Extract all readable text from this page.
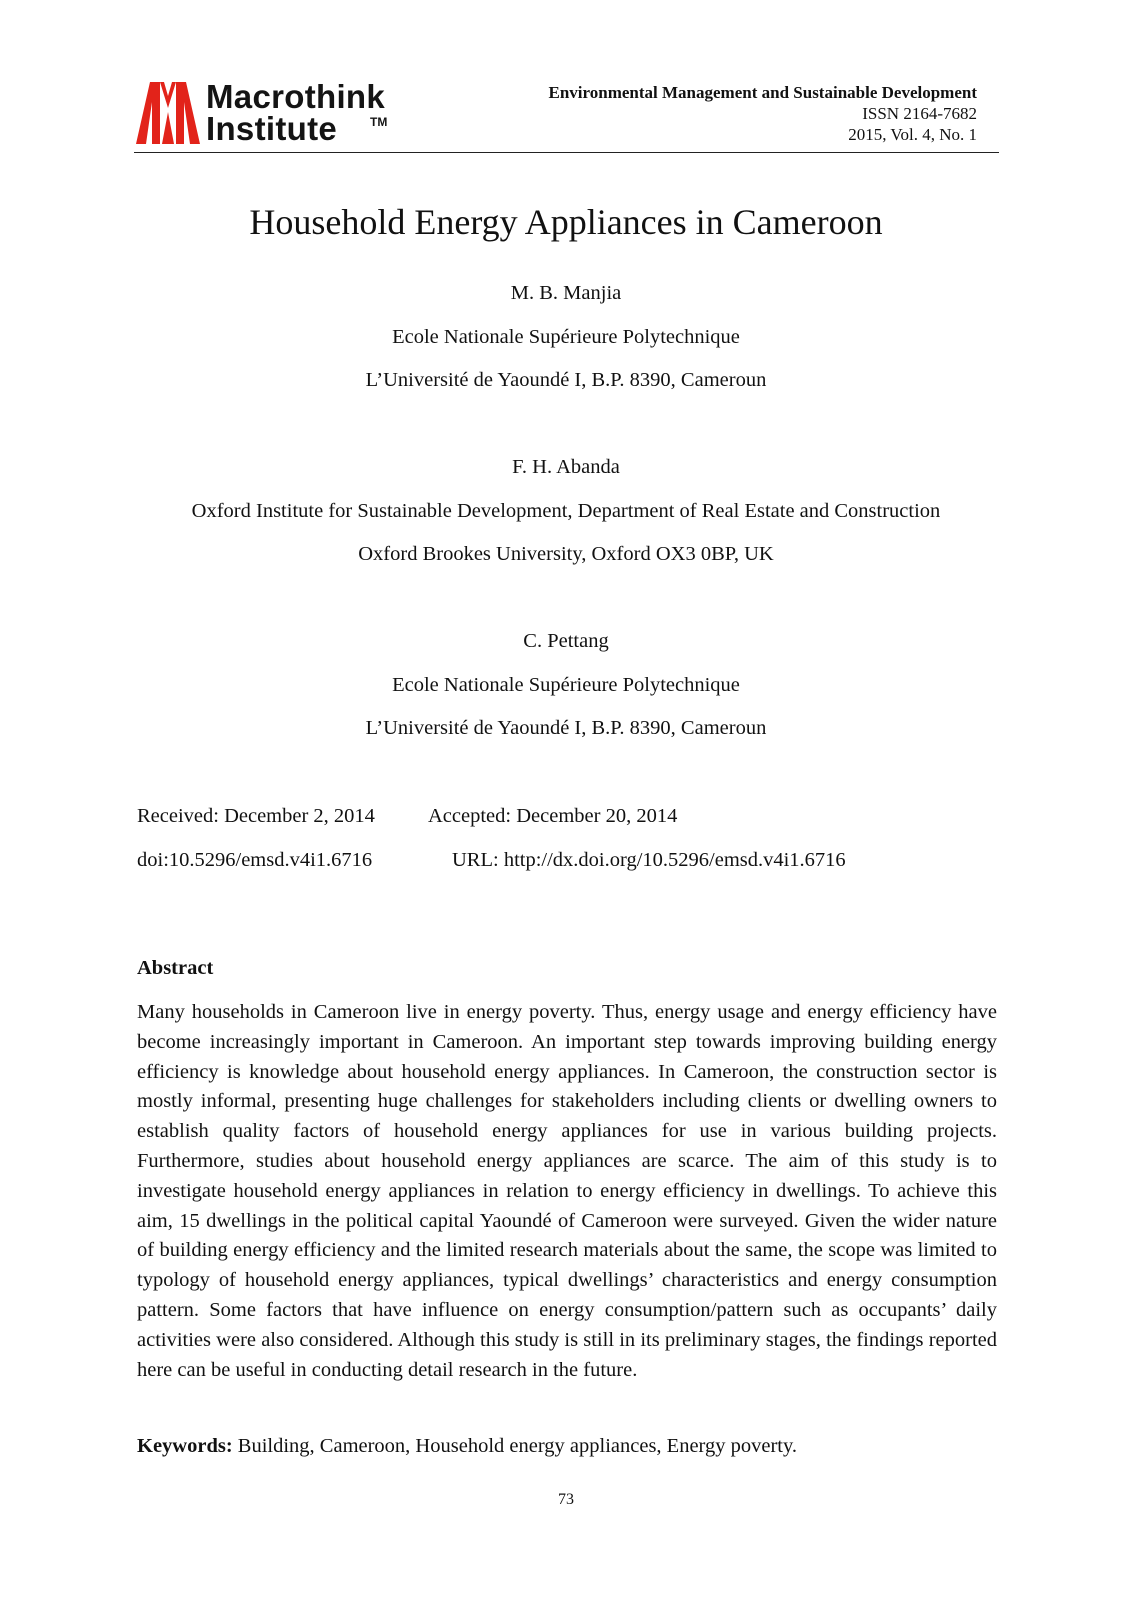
Macrothink
Institute	TM
Environmental Management and Sustainable Development
ISSN 2164-7682
2015, Vol. 4, No. 1
Household Energy Appliances in Cameroon
M. B. Manjia
Ecole Nationale Supérieure Polytechnique
L’Université de Yaoundé I, B.P. 8390, Cameroun
F. H. Abanda
Oxford Institute for Sustainable Development, Department of Real Estate and Construction
Oxford Brookes University, Oxford OX3 0BP, UK
C. Pettang
Ecole Nationale Supérieure Polytechnique
L’Université de Yaoundé I, B.P. 8390, Cameroun
Received: December 2, 2014	Accepted: December 20, 2014
doi:10.5296/emsd.v4i1.6716	URL: http://dx.doi.org/10.5296/emsd.v4i1.6716
Abstract

Many households in Cameroon live in energy poverty. Thus, energy usage and energy efficiency have become increasingly important in Cameroon. An important step towards improving building energy efficiency is knowledge about household energy appliances. In Cameroon, the construction sector is mostly informal, presenting huge challenges for stakeholders including clients or dwelling owners to establish quality factors of household energy appliances for use in various building projects. Furthermore, studies about household energy appliances are scarce. The aim of this study is to investigate household energy appliances in relation to energy efficiency in dwellings. To achieve this aim, 15 dwellings in the political capital Yaoundé of Cameroon were surveyed. Given the wider nature of building energy efficiency and the limited research materials about the same, the scope was limited to typology of household energy appliances, typical dwellings’ characteristics and energy consumption pattern. Some factors that have influence on energy consumption/pattern such as occupants’ daily activities were also considered. Although this study is still in its preliminary stages, the findings reported here can be useful in conducting detail research in the future.

Keywords: Building, Cameroon, Household energy appliances, Energy poverty.
73
